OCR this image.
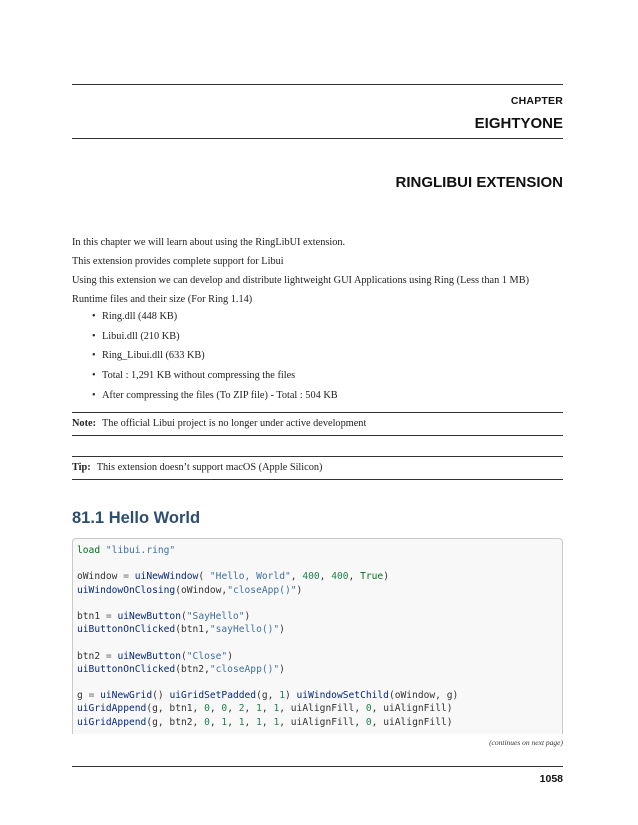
CHAPTER
EIGHTYONE
RINGLIBUI EXTENSION
In this chapter we will learn about using the RingLibUI extension.
This extension provides complete support for Libui
Using this extension we can develop and distribute lightweight GUI Applications using Ring (Less than 1 MB)
Runtime files and their size (For Ring 1.14)
• Ring.dll (448 KB)
• Libui.dll (210 KB)
• Ring_Libui.dll (633 KB)
• Total : 1,291 KB without compressing the files
• After compressing the files (To ZIP file) - Total : 504 KB
Note: The official Libui project is no longer under active development
Tip: This extension doesn’t support macOS (Apple Silicon)
81.1 Hello World
load "libui.ring"

oWindow = uiNewWindow( "Hello, World", 400, 400, True)
uiWindowOnClosing(oWindow,"closeApp()")

btn1 = uiNewButton("SayHello")
uiButtonOnClicked(btn1,"sayHello()")

btn2 = uiNewButton("Close")
uiButtonOnClicked(btn2,"closeApp()")

g = uiNewGrid() uiGridSetPadded(g, 1) uiWindowSetChild(oWindow, g)
uiGridAppend(g, btn1, 0, 0, 2, 1, 1, uiAlignFill, 0, uiAlignFill)
uiGridAppend(g, btn2, 0, 1, 1, 1, 1, uiAlignFill, 0, uiAlignFill)
(continues on next page)
1058
